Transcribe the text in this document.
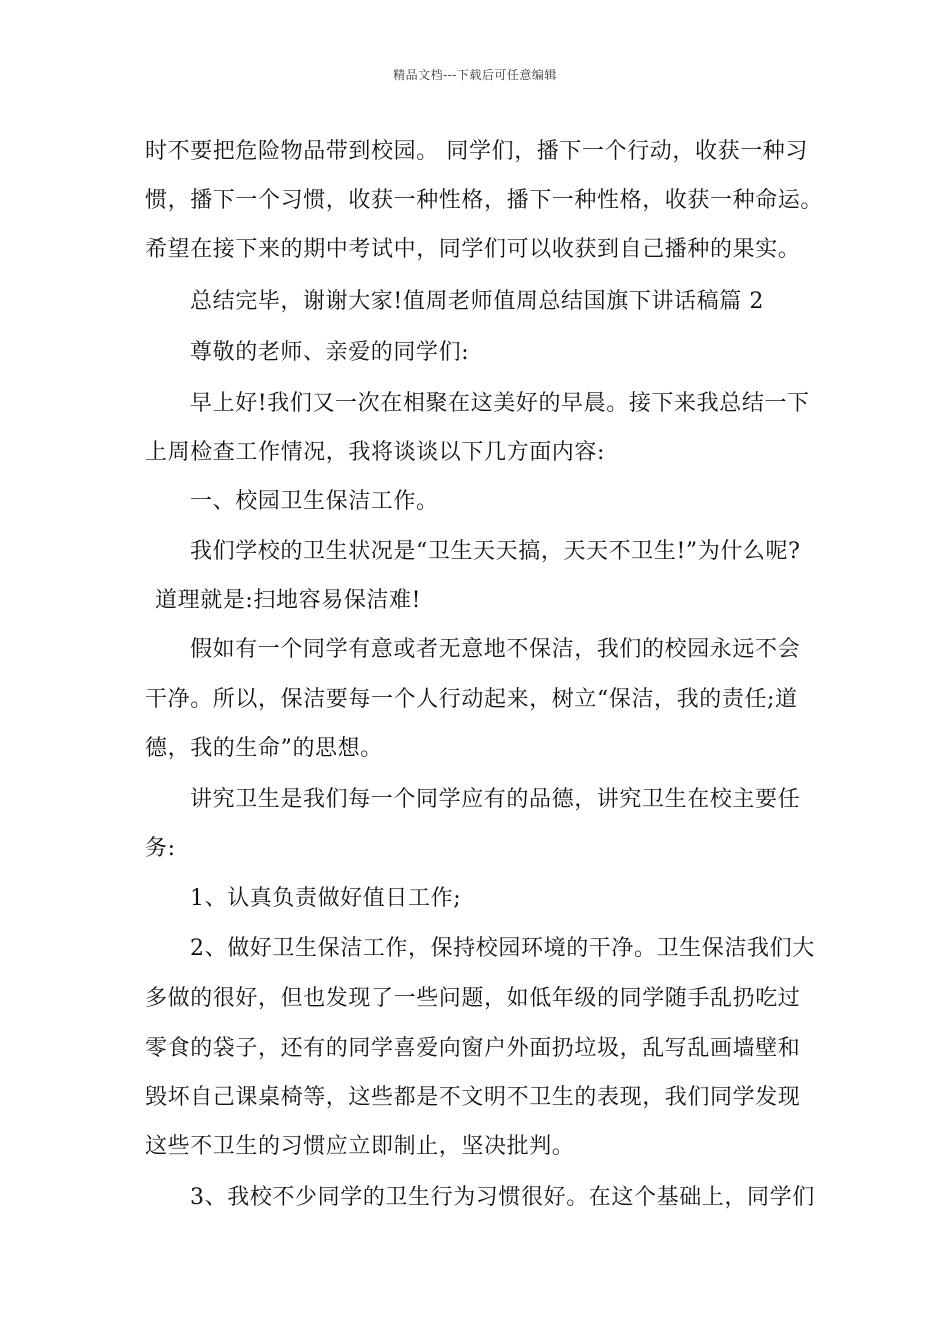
精品文档---下载后可任意编辑
时不要把危险物品带到校园。 同学们，播下一个行动，收获一种习
惯，播下一个习惯，收获一种性格，播下一种性格，收获一种命运。
希望在接下来的期中考试中，同学们可以收获到自己播种的果实。
总结完毕，谢谢大家!值周老师值周总结国旗下讲话稿篇 2
尊敬的老师、亲爱的同学们:
早上好!我们又一次在相聚在这美好的早晨。接下来我总结一下
上周检查工作情况，我将谈谈以下几方面内容:
一、校园卫生保洁工作。
我们学校的卫生状况是“卫生天天搞，天天不卫生!”为什么呢?
道理就是:扫地容易保洁难!
假如有一个同学有意或者无意地不保洁，我们的校园永远不会
干净。所以，保洁要每一个人行动起来，树立“保洁，我的责任;道
德，我的生命”的思想。
讲究卫生是我们每一个同学应有的品德，讲究卫生在校主要任
务:
1、认真负责做好值日工作;
2、做好卫生保洁工作，保持校园环境的干净。卫生保洁我们大
多做的很好，但也发现了一些问题，如低年级的同学随手乱扔吃过
零食的袋子，还有的同学喜爱向窗户外面扔垃圾，乱写乱画墙壁和
毁坏自己课桌椅等，这些都是不文明不卫生的表现，我们同学发现
这些不卫生的习惯应立即制止，坚决批判。
3、我校不少同学的卫生行为习惯很好。在这个基础上，同学们
